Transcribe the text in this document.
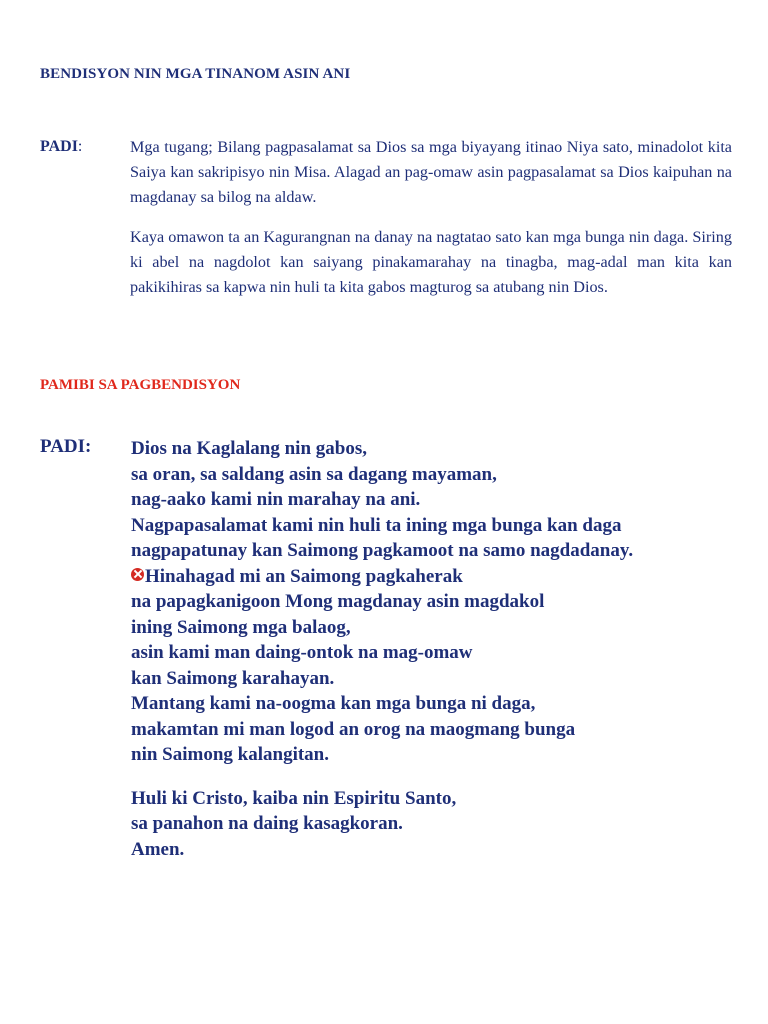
BENDISYON NIN MGA TINANOM ASIN ANI
PADI:	Mga tugang; Bilang pagpasalamat sa Dios sa mga biyayang itinao Niya sato, minadolot kita Saiya kan sakripisyo nin Misa. Alagad an pag-omaw asin pagpasalamat sa Dios kaipuhan na magdanay sa bilog na aldaw.

Kaya omawon ta an Kagurangnan na danay na nagtatao sato kan mga bunga nin daga. Siring ki abel na nagdolot kan saiyang pinakamarahay na tinagba, mag-adal man kita kan pakikihiras sa kapwa nin huli ta kita gabos magturog sa atubang nin Dios.

PAMIBI SA PAGBENDISYON
PADI: Dios na Kaglalang nin gabos,
sa oran, sa saldang asin sa dagang mayaman,
nag-aako kami nin marahay na ani.
Nagpapasalamat kami nin huli ta ining mga bunga kan daga
nagpapatunay kan Saimong pagkamoot na samo nagdadanay.
Hinahagad mi an Saimong pagkaherak
na papagkanigoon Mong magdanay asin magdakol
ining Saimong mga balaog,
asin kami man daing-ontok na mag-omaw
kan Saimong karahayan.
Mantang kami na-oogma kan mga bunga ni daga,
makamtan mi man logod an orog na maogmang bunga
nin Saimong kalangitan.
Huli ki Cristo, kaiba nin Espiritu Santo,
sa panahon na daing kasagkoran.
Amen.
